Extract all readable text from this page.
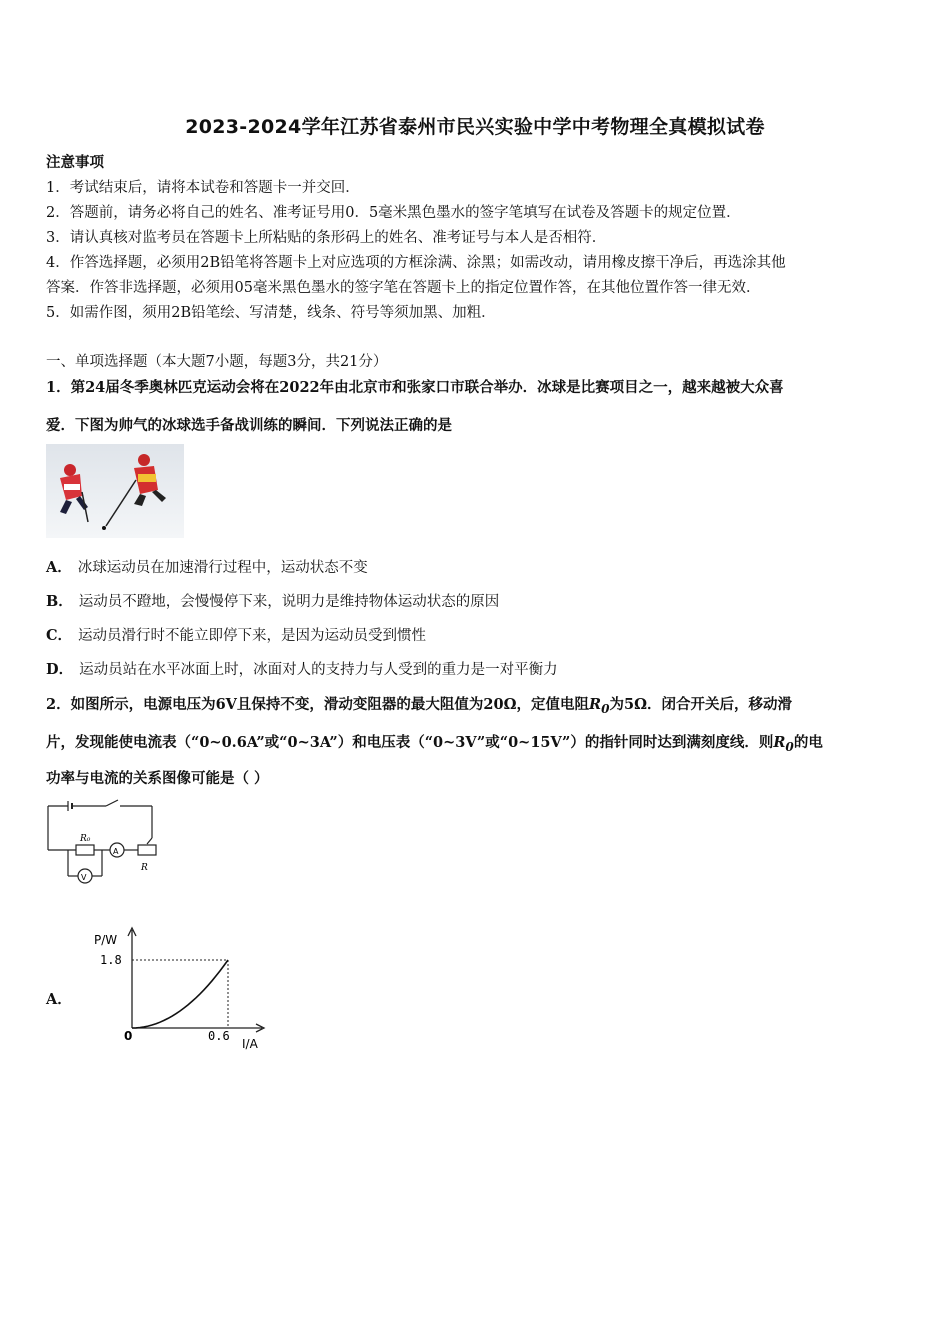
2023-2024学年江苏省泰州市民兴实验中学中考物理全真模拟试卷
注意事项
1．考试结束后，请将本试卷和答题卡一并交回．
2．答题前，请务必将自己的姓名、准考证号用0．5毫米黑色墨水的签字笔填写在试卷及答题卡的规定位置．
3．请认真核对监考员在答题卡上所粘贴的条形码上的姓名、准考证号与本人是否相符．
4．作答选择题，必须用2B铅笔将答题卡上对应选项的方框涂满、涂黑；如需改动，请用橡皮擦干净后，再选涂其他
答案．作答非选择题，必须用05毫米黑色墨水的签字笔在答题卡上的指定位置作答，在其他位置作答一律无效．
5．如需作图，须用2B铅笔绘、写清楚，线条、符号等须加黑、加粗．
一、单项选择题（本大题7小题，每题3分，共21分）
1．第24届冬季奥林匹克运动会将在2022年由北京市和张家口市联合举办．冰球是比赛项目之一，越来越被大众喜
爱．下图为帅气的冰球选手备战训练的瞬间．下列说法正确的是
A． 冰球运动员在加速滑行过程中，运动状态不变
B． 运动员不蹬地，会慢慢停下来，说明力是维持物体运动状态的原因
C． 运动员滑行时不能立即停下来，是因为运动员受到惯性
D． 运动员站在水平冰面上时，冰面对人的支持力与人受到的重力是一对平衡力
2．如图所示，电源电压为6V且保持不变，滑动变阻器的最大阻值为20Ω，定值电阻$R_0$为5Ω．闭合开关后，移动滑
片，发现能使电流表（“0~0.6A”或“0~3A”）和电压表（“0~3V”或“0~15V”）的指针同时达到满刻度线．则$R_0$的电
功率与电流的关系图像可能是（ ）
R₀
A
V
R
A．
P/W
1.8
0	0.6
I/A
